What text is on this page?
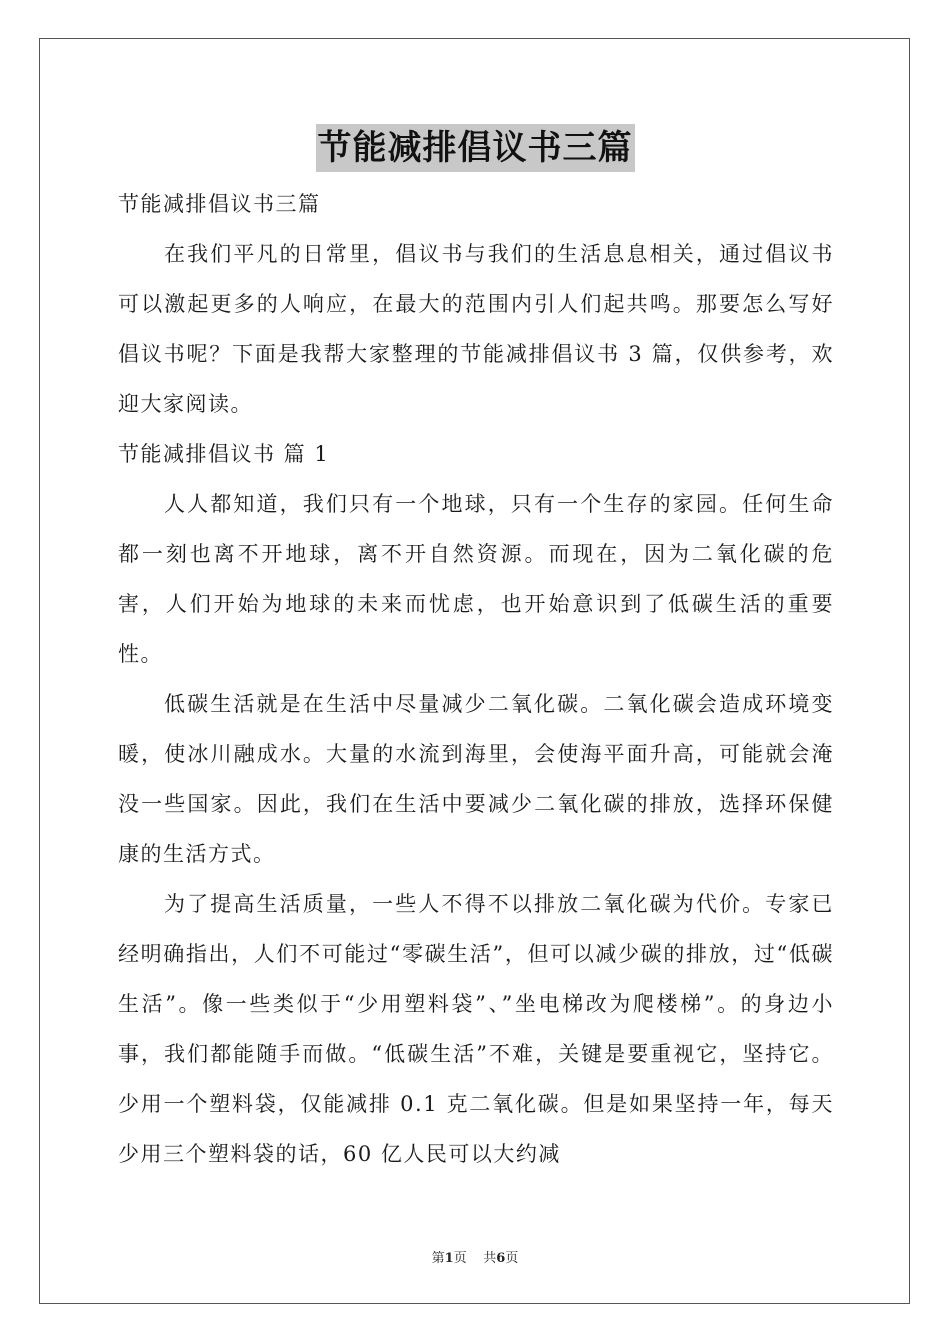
节能减排倡议书三篇

节能减排倡议书三篇

在我们平凡的日常里，倡议书与我们的生活息息相关，通过倡议书可以激起更多的人响应，在最大的范围内引人们起共鸣。那要怎么写好倡议书呢？下面是我帮大家整理的节能减排倡议书 3 篇，仅供参考，欢迎大家阅读。

节能减排倡议书 篇 1

人人都知道，我们只有一个地球，只有一个生存的家园。任何生命都一刻也离不开地球，离不开自然资源。而现在，因为二氧化碳的危害，人们开始为地球的未来而忧虑，也开始意识到了低碳生活的重要性。

低碳生活就是在生活中尽量减少二氧化碳。二氧化碳会造成环境变暖，使冰川融成水。大量的水流到海里，会使海平面升高，可能就会淹没一些国家。因此，我们在生活中要减少二氧化碳的排放，选择环保健康的生活方式。

为了提高生活质量，一些人不得不以排放二氧化碳为代价。专家已经明确指出，人们不可能过“零碳生活”，但可以减少碳的排放，过“低碳生活”。像一些类似于“少用塑料袋”、”坐电梯改为爬楼梯”。的身边小事，我们都能随手而做。“低碳生活”不难，关键是要重视它，坚持它。少用一个塑料袋，仅能减排 0.1 克二氧化碳。但是如果坚持一年，每天少用三个塑料袋的话，60 亿人民可以大约减

第1页 共6页
